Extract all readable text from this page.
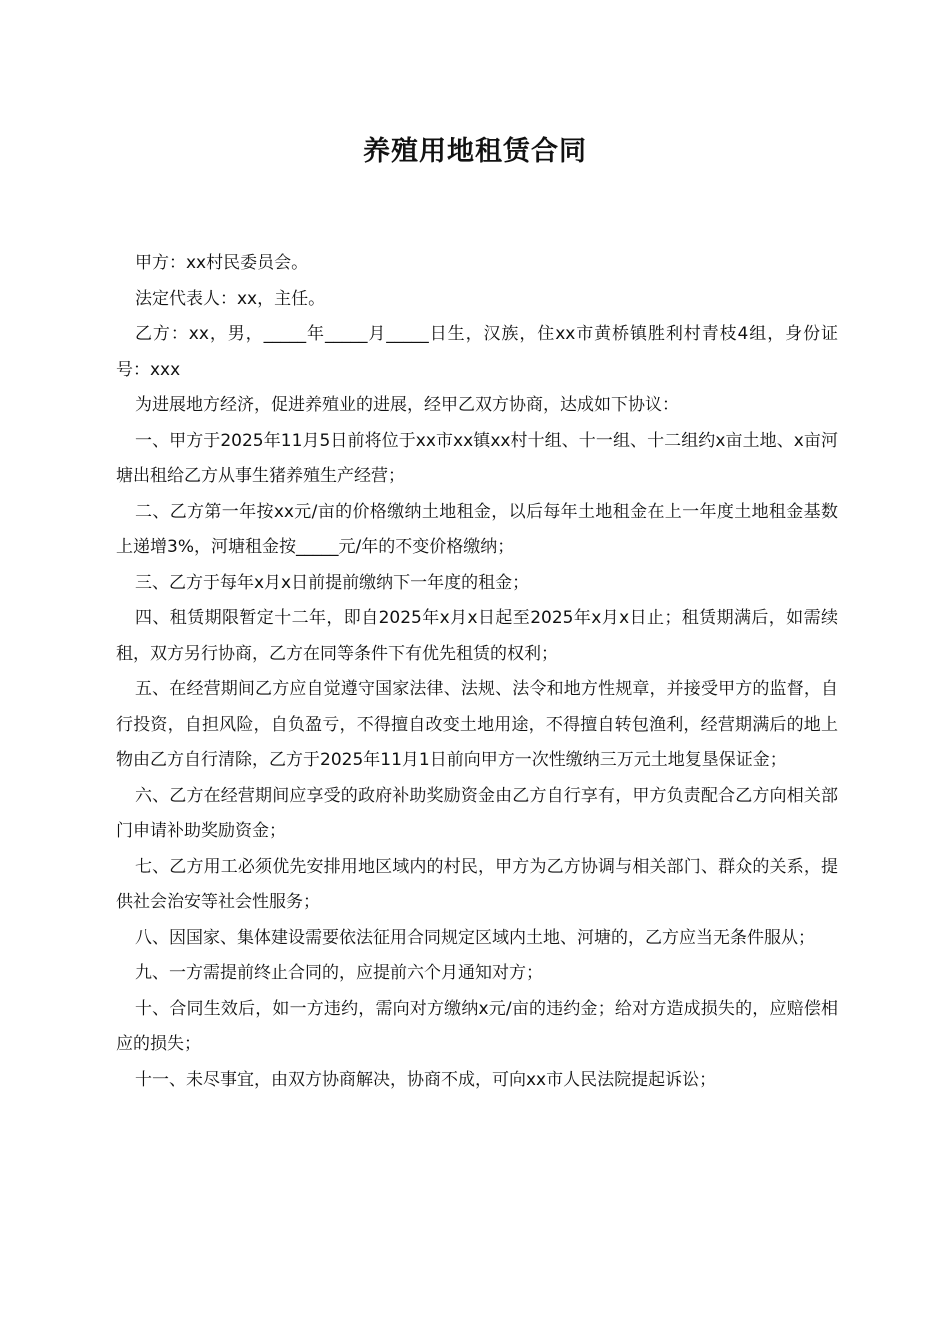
养殖用地租赁合同

甲方：xx村民委员会。

法定代表人：xx，主任。

乙方：xx，男，_____年_____月_____日生，汉族，住xx市黄桥镇胜利村青枝4组，身份证号：xxx

为进展地方经济，促进养殖业的进展，经甲乙双方协商，达成如下协议：

一、甲方于2025年11月5日前将位于xx市xx镇xx村十组、十一组、十二组约x亩土地、x亩河塘出租给乙方从事生猪养殖生产经营；

二、乙方第一年按xx元/亩的价格缴纳土地租金，以后每年土地租金在上一年度土地租金基数上递增3%，河塘租金按_____元/年的不变价格缴纳；

三、乙方于每年x月x日前提前缴纳下一年度的租金；

四、租赁期限暂定十二年，即自2025年x月x日起至2025年x月x日止；租赁期满后，如需续租，双方另行协商，乙方在同等条件下有优先租赁的权利；

五、在经营期间乙方应自觉遵守国家法律、法规、法令和地方性规章，并接受甲方的监督，自行投资，自担风险，自负盈亏，不得擅自改变土地用途，不得擅自转包渔利，经营期满后的地上物由乙方自行清除，乙方于2025年11月1日前向甲方一次性缴纳三万元土地复垦保证金；

六、乙方在经营期间应享受的政府补助奖励资金由乙方自行享有，甲方负责配合乙方向相关部门申请补助奖励资金；

七、乙方用工必须优先安排用地区域内的村民，甲方为乙方协调与相关部门、群众的关系，提供社会治安等社会性服务；

八、因国家、集体建设需要依法征用合同规定区域内土地、河塘的，乙方应当无条件服从；

九、一方需提前终止合同的，应提前六个月通知对方；

十、合同生效后，如一方违约，需向对方缴纳x元/亩的违约金；给对方造成损失的，应赔偿相应的损失；

十一、未尽事宜，由双方协商解决，协商不成，可向xx市人民法院提起诉讼；
